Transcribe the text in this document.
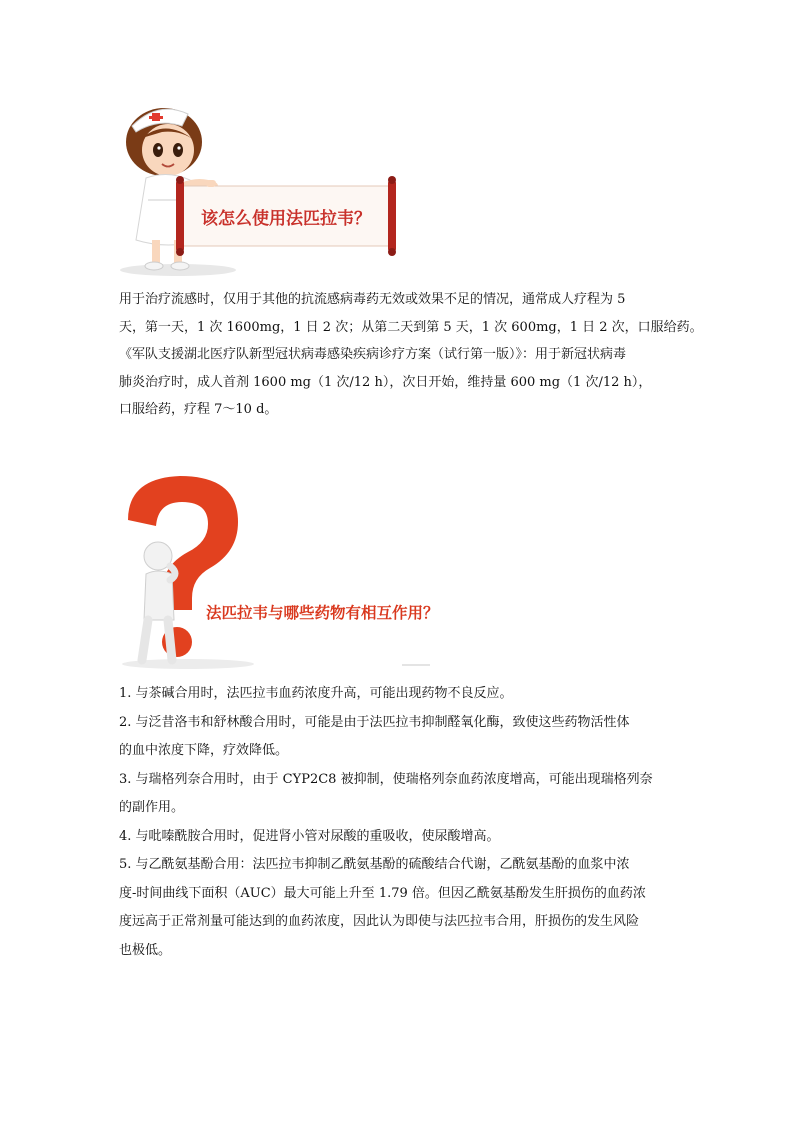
该怎么使用法匹拉韦？

用于治疗流感时，仅用于其他的抗流感病毒药无效或效果不足的情况，通常成人疗程为 5
天，第一天，1 次 1600mg，1 日 2 次；从第二天到第 5 天，1 次 600mg，1 日 2 次，口服给药。
《军队支援湖北医疗队新型冠状病毒感染疾病诊疗方案（试行第一版）》：用于新冠状病毒
肺炎治疗时，成人首剂 1600 mg（1 次/12 h），次日开始，维持量 600 mg（1 次/12 h），
口服给药，疗程 7～10 d。

法匹拉韦与哪些药物有相互作用？
1. 与茶碱合用时，法匹拉韦血药浓度升高，可能出现药物不良反应。
2. 与泛昔洛韦和舒林酸合用时，可能是由于法匹拉韦抑制醛氧化酶，致使这些药物活性体
的血中浓度下降，疗效降低。
3. 与瑞格列奈合用时，由于 CYP2C8 被抑制，使瑞格列奈血药浓度增高，可能出现瑞格列奈
的副作用。
4. 与吡嗪酰胺合用时，促进肾小管对尿酸的重吸收，使尿酸增高。
5. 与乙酰氨基酚合用：法匹拉韦抑制乙酰氨基酚的硫酸结合代谢，乙酰氨基酚的血浆中浓
度-时间曲线下面积（AUC）最大可能上升至 1.79 倍。但因乙酰氨基酚发生肝损伤的血药浓
度远高于正常剂量可能达到的血药浓度，因此认为即使与法匹拉韦合用，肝损伤的发生风险
也极低。
